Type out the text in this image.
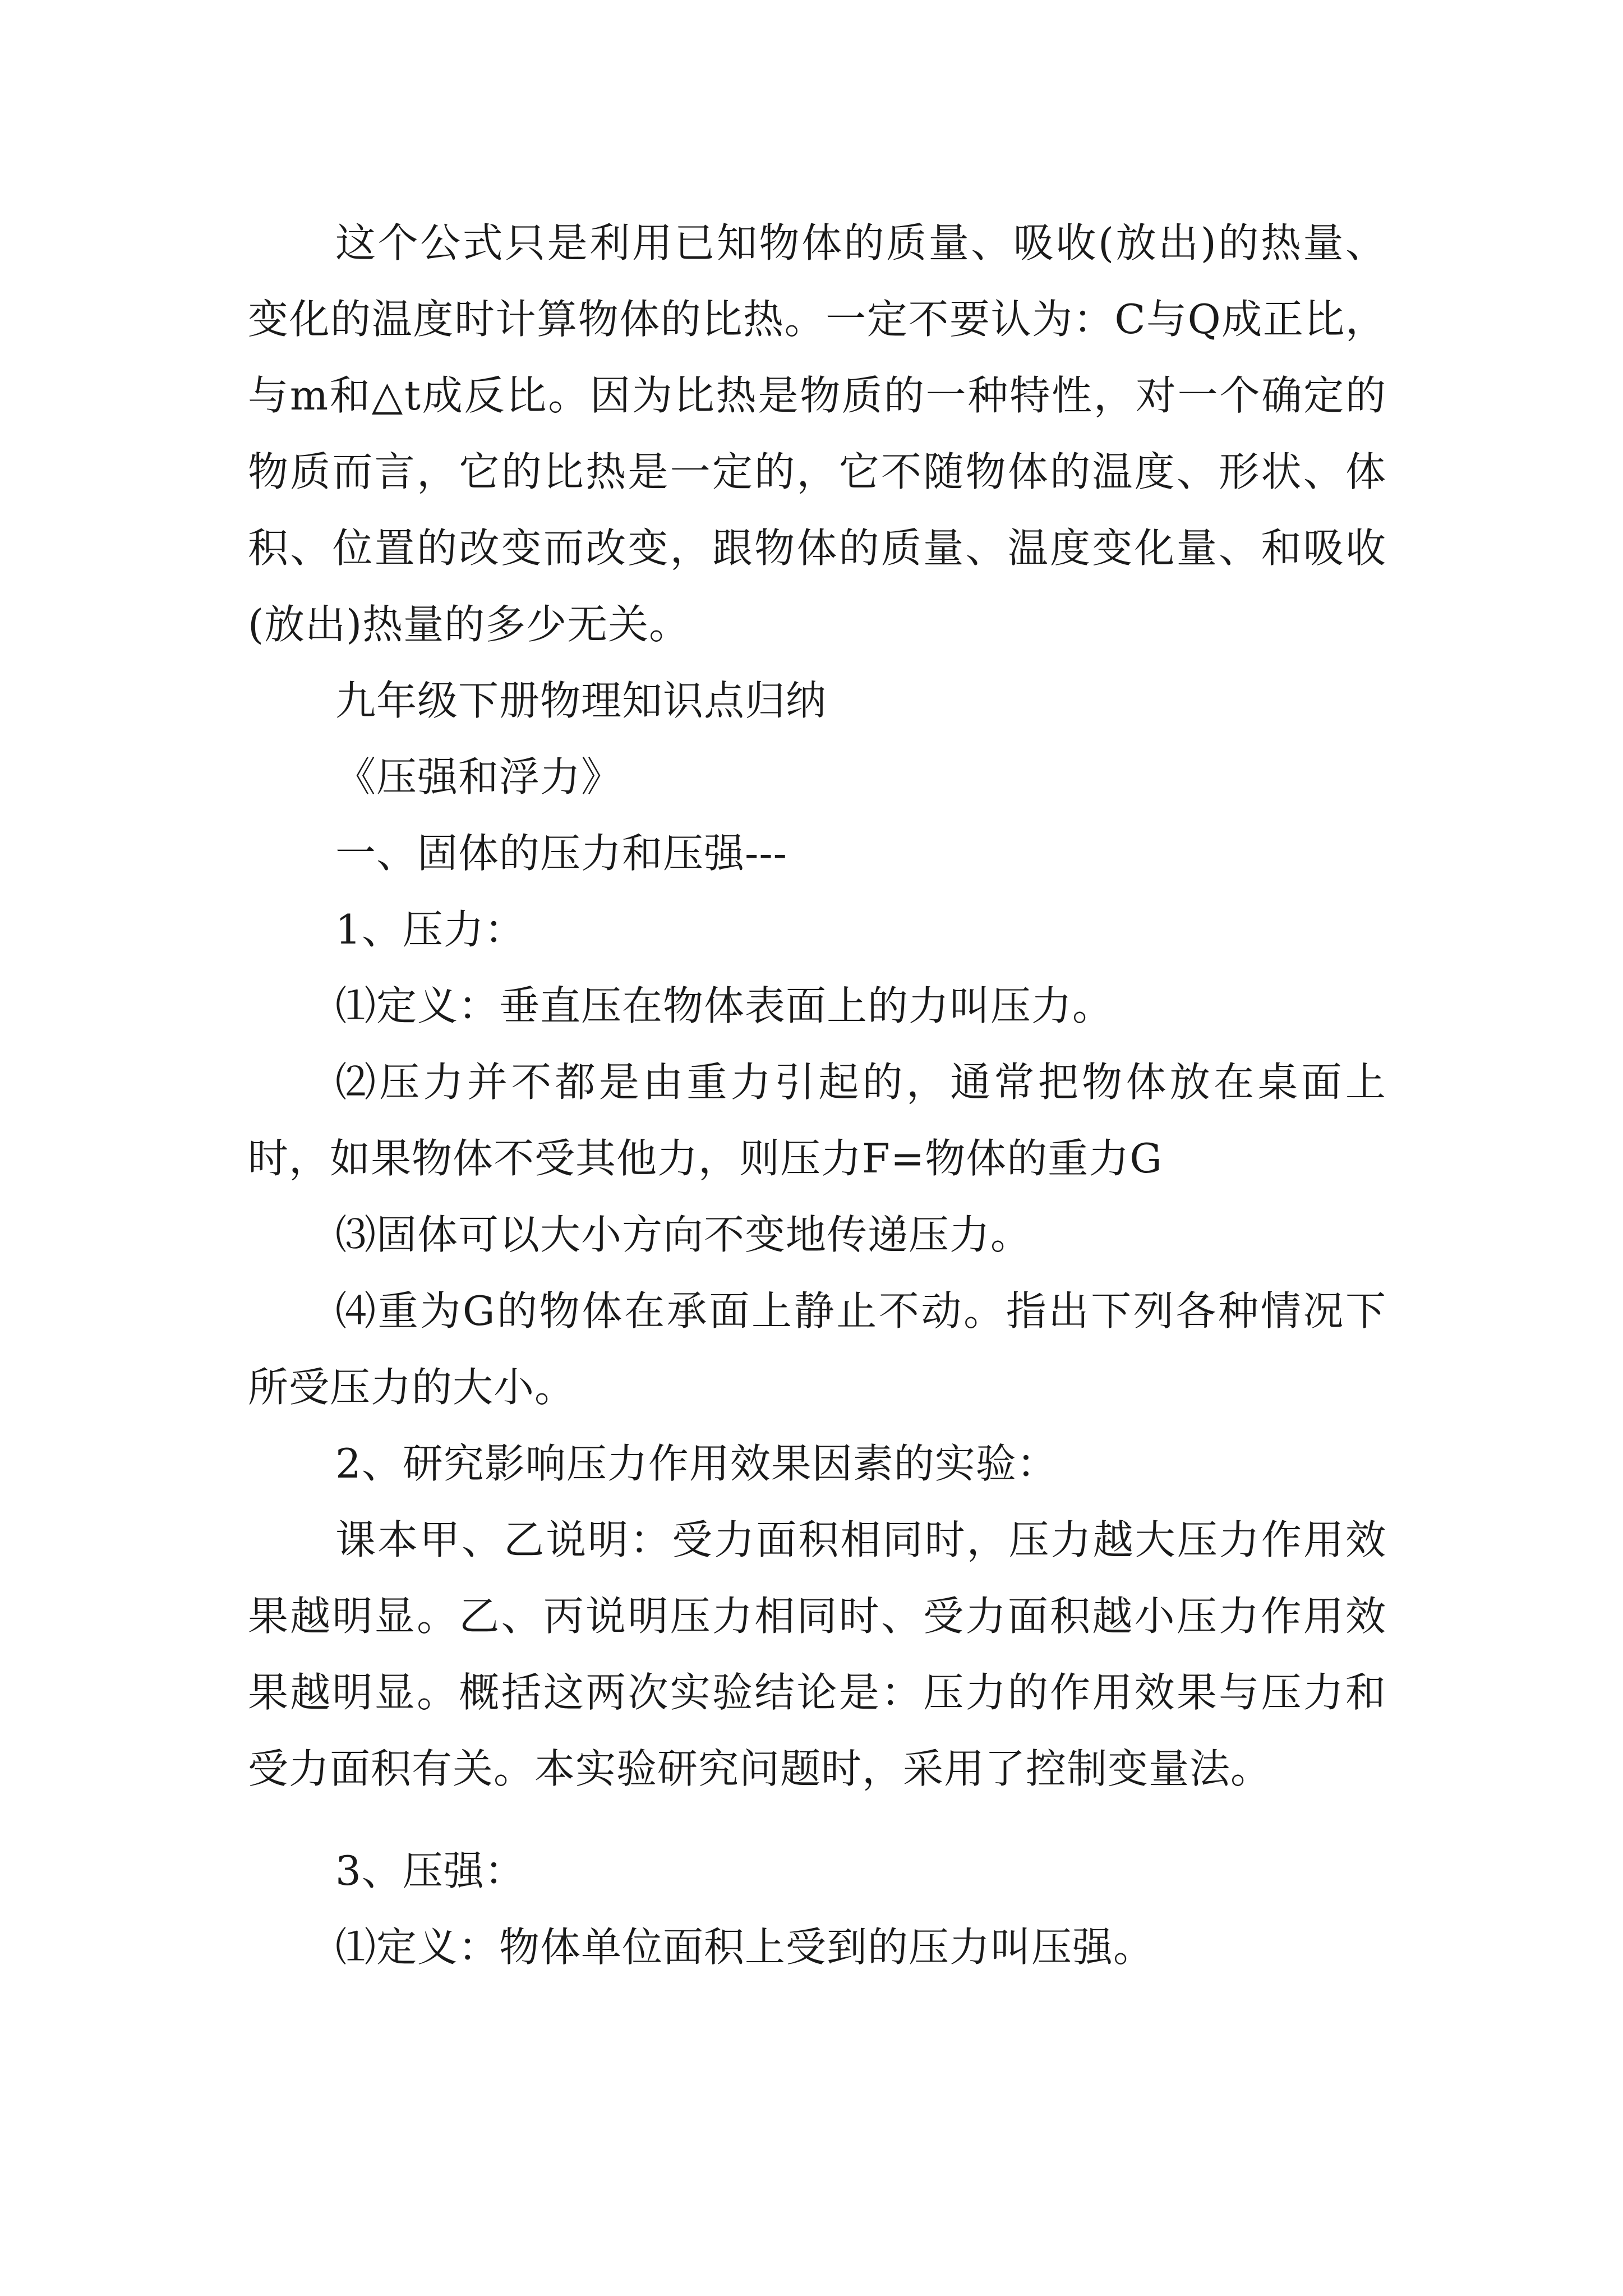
这个公式只是利用已知物体的质量、吸收(放出)的热量、变化的温度时计算物体的比热。一定不要认为：C与Q成正比，与m和△t成反比。因为比热是物质的一种特性，对一个确定的物质而言，它的比热是一定的，它不随物体的温度、形状、体积、位置的改变而改变，跟物体的质量、温度变化量、和吸收(放出)热量的多少无关。

九年级下册物理知识点归纳

《压强和浮力》

一、固体的压力和压强---

1、压力：

⑴定义：垂直压在物体表面上的力叫压力。

⑵压力并不都是由重力引起的，通常把物体放在桌面上时，如果物体不受其他力，则压力F=物体的重力G

⑶固体可以大小方向不变地传递压力。

⑷重为G的物体在承面上静止不动。指出下列各种情况下所受压力的大小。

2、研究影响压力作用效果因素的实验：

课本甲、乙说明：受力面积相同时，压力越大压力作用效果越明显。乙、丙说明压力相同时、受力面积越小压力作用效果越明显。概括这两次实验结论是：压力的作用效果与压力和受力面积有关。本实验研究问题时，采用了控制变量法。

3、压强：

⑴定义：物体单位面积上受到的压力叫压强。
